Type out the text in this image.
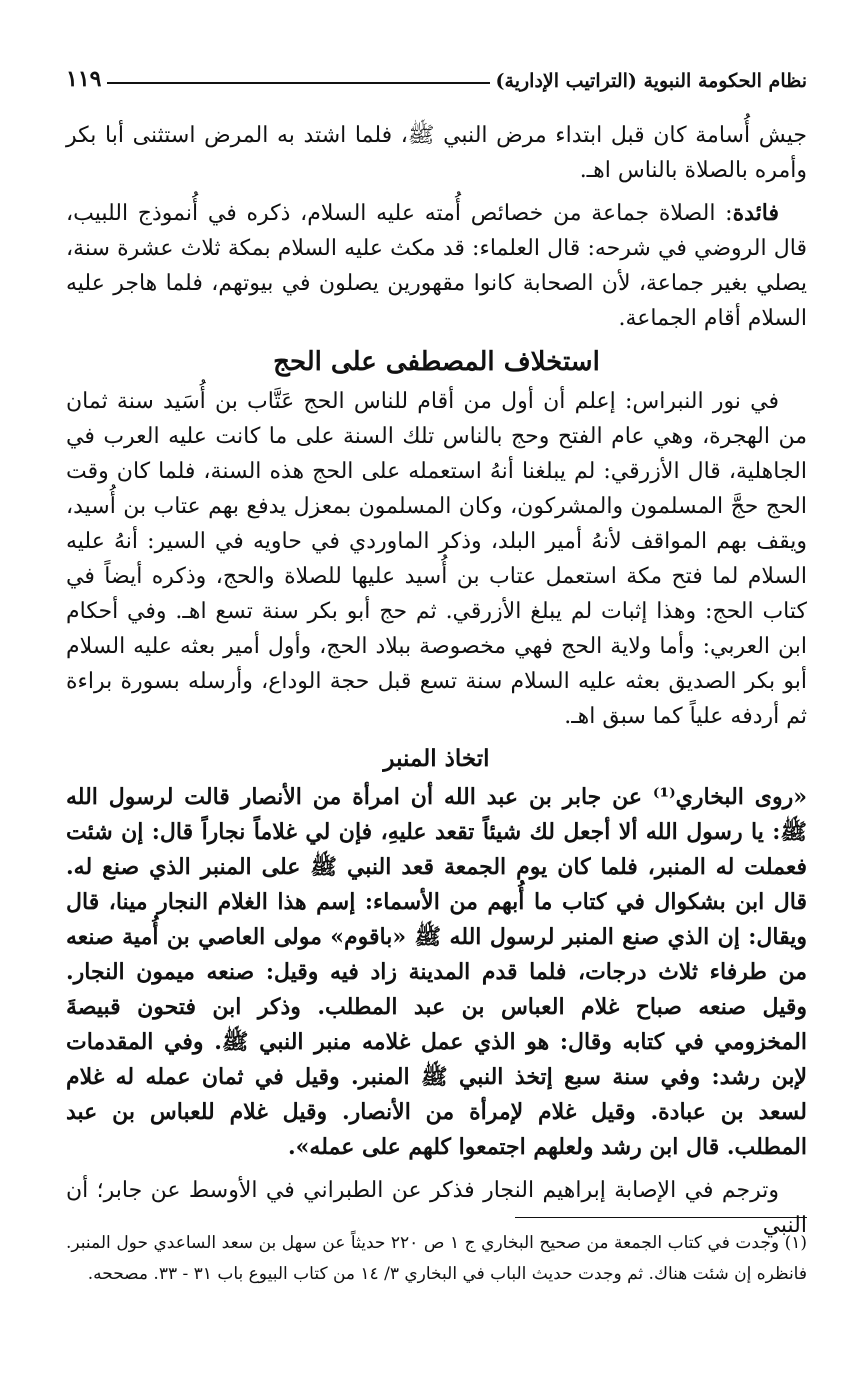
نظام الحكومة النبوية (التراتيب الإدارية)
١١٩

جيش أُسامة كان قبل ابتداء مرض النبي ﷺ، فلما اشتد به المرض استثنى أبا بكر وأمره بالصلاة بالناس اهـ.

فائدة: الصلاة جماعة من خصائص أُمته عليه السلام، ذكره في أُنموذج اللبيب، قال الروضي في شرحه: قال العلماء: قد مكث عليه السلام بمكة ثلاث عشرة سنة، يصلي بغير جماعة، لأن الصحابة كانوا مقهورين يصلون في بيوتهم، فلما هاجر عليه السلام أقام الجماعة.

استخلاف المصطفى على الحج

في نور النبراس: إعلم أن أول من أقام للناس الحج عَتَّاب بن أُسَيد سنة ثمان من الهجرة، وهي عام الفتح وحج بالناس تلك السنة على ما كانت عليه العرب في الجاهلية، قال الأزرقي: لم يبلغنا أنهُ استعمله على الحج هذه السنة، فلما كان وقت الحج حجَّ المسلمون والمشركون، وكان المسلمون بمعزل يدفع بهم عتاب بن أُسيد، ويقف بهم المواقف لأنهُ أمير البلد، وذكر الماوردي في حاويه في السير: أنهُ عليه السلام لما فتح مكة استعمل عتاب بن أُسيد عليها للصلاة والحج، وذكره أيضاً في كتاب الحج: وهذا إثبات لم يبلغ الأزرقي. ثم حج أبو بكر سنة تسع اهـ. وفي أحكام ابن العربي: وأما ولاية الحج فهي مخصوصة ببلاد الحج، وأول أمير بعثه عليه السلام أبو بكر الصديق بعثه عليه السلام سنة تسع قبل حجة الوداع، وأرسله بسورة براءة ثم أردفه علياً كما سبق اهـ.

اتخاذ المنبر

«روى البخاري⁽¹⁾ عن جابر بن عبد الله أن امرأة من الأنصار قالت لرسول الله ﷺ: يا رسول الله ألا أجعل لك شيئاً تقعد عليهِ، فإن لي غلاماً نجاراً قال: إن شئت فعملت له المنبر، فلما كان يوم الجمعة قعد النبي ﷺ على المنبر الذي صنع له. قال ابن بشكوال في كتاب ما أُبهم من الأسماء: إسم هذا الغلام النجار مينا، قال ويقال: إن الذي صنع المنبر لرسول الله ﷺ «باقوم» مولى العاصي بن أُمية صنعه من طرفاء ثلاث درجات، فلما قدم المدينة زاد فيه وقيل: صنعه ميمون النجار. وقيل صنعه صباح غلام العباس بن عبد المطلب. وذكر ابن فتحون قبيصةَ المخزومي في كتابه وقال: هو الذي عمل غلامه منبر النبي ﷺ. وفي المقدمات لإبن رشد: وفي سنة سبع إتخذ النبي ﷺ المنبر. وقيل في ثمان عمله له غلام لسعد بن عبادة. وقيل غلام لإمرأة من الأنصار. وقيل غلام للعباس بن عبد المطلب. قال ابن رشد ولعلهم اجتمعوا كلهم على عمله».

وترجم في الإصابة إبراهيم النجار فذكر عن الطبراني في الأوسط عن جابر؛ أن النبي

(١) وجدت في كتاب الجمعة من صحيح البخاري ج ١ ص ٢٢٠ حديثاً عن سهل بن سعد الساعدي حول المنبر. فانظره إن شئت هناك. ثم وجدت حديث الباب في البخاري ٣/ ١٤ من كتاب البيوع باب ٣١ - ٣٣. مصححه.
